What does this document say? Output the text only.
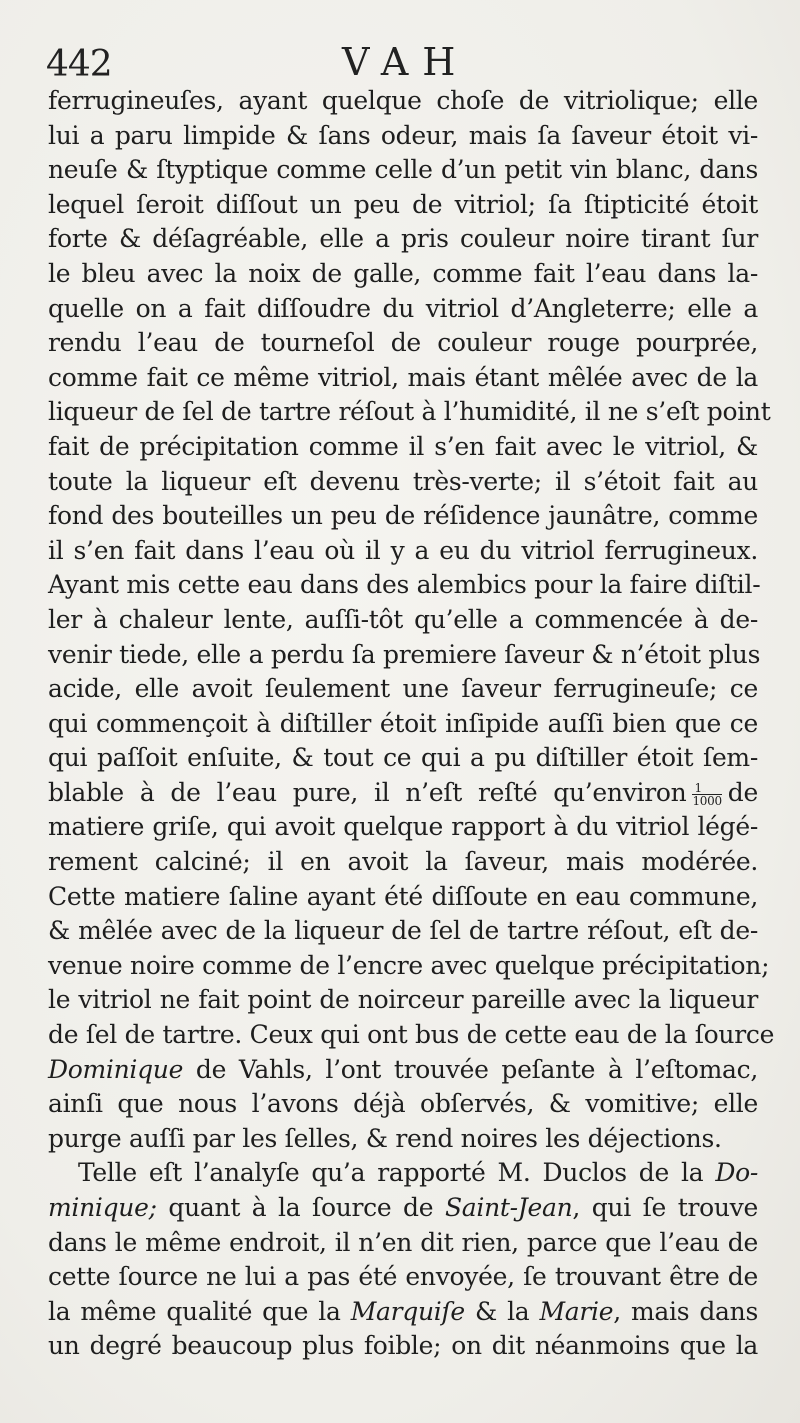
442	VAH
ferrugineuſes, ayant quelque choſe de vitriolique; elle
lui a paru limpide & ſans odeur, mais ſa ſaveur étoit vi-
neuſe & ſtyptique comme celle d’un petit vin blanc, dans
lequel ſeroit diſſout un peu de vitriol; ſa ſtipticité étoit
forte & déſagréable, elle a pris couleur noire tirant ſur
le bleu avec la noix de galle, comme fait l’eau dans la-
quelle on a fait diſſoudre du vitriol d’Angleterre; elle a
rendu l’eau de tourneſol de couleur rouge pourprée,
comme fait ce même vitriol, mais étant mêlée avec de la
liqueur de ſel de tartre réſout à l’humidité, il ne s’eſt point
fait de précipitation comme il s’en fait avec le vitriol, &
toute la liqueur eſt devenu très-verte; il s’étoit fait au
fond des bouteilles un peu de réſidence jaunâtre, comme
il s’en fait dans l’eau où il y a eu du vitriol ferrugineux.
Ayant mis cette eau dans des alembics pour la faire diſtil-
ler à chaleur lente, auſſi-tôt qu’elle a commencée à de-
venir tiede, elle a perdu ſa premiere ſaveur & n’étoit plus
acide, elle avoit ſeulement une ſaveur ferrugineuſe; ce
qui commençoit à diſtiller étoit inſipide auſſi bien que ce
qui paſſoit enſuite, & tout ce qui a pu diſtiller étoit ſem-
blable à de l’eau pure, il n’eſt reſté qu’environ $\frac{1}{1000}$ de
matiere griſe, qui avoit quelque rapport à du vitriol légé-
rement calciné; il en avoit la ſaveur, mais modérée.
Cette matiere ſaline ayant été diſſoute en eau commune,
& mêlée avec de la liqueur de ſel de tartre réſout, eſt de-
venue noire comme de l’encre avec quelque précipitation;
le vitriol ne fait point de noirceur pareille avec la liqueur
de ſel de tartre. Ceux qui ont bus de cette eau de la ſource
Dominique de Vahls, l’ont trouvée peſante à l’eſtomac,
ainſi que nous l’avons déjà obſervés, & vomitive; elle
purge auſſi par les ſelles, & rend noires les déjections.
Telle eſt l’analyſe qu’a rapporté M. Duclos de la Do-
minique; quant à la ſource de Saint-Jean, qui ſe trouve
dans le même endroit, il n’en dit rien, parce que l’eau de
cette ſource ne lui a pas été envoyée, ſe trouvant être de
la même qualité que la Marquiſe & la Marie, mais dans
un degré beaucoup plus foible; on dit néanmoins que la
